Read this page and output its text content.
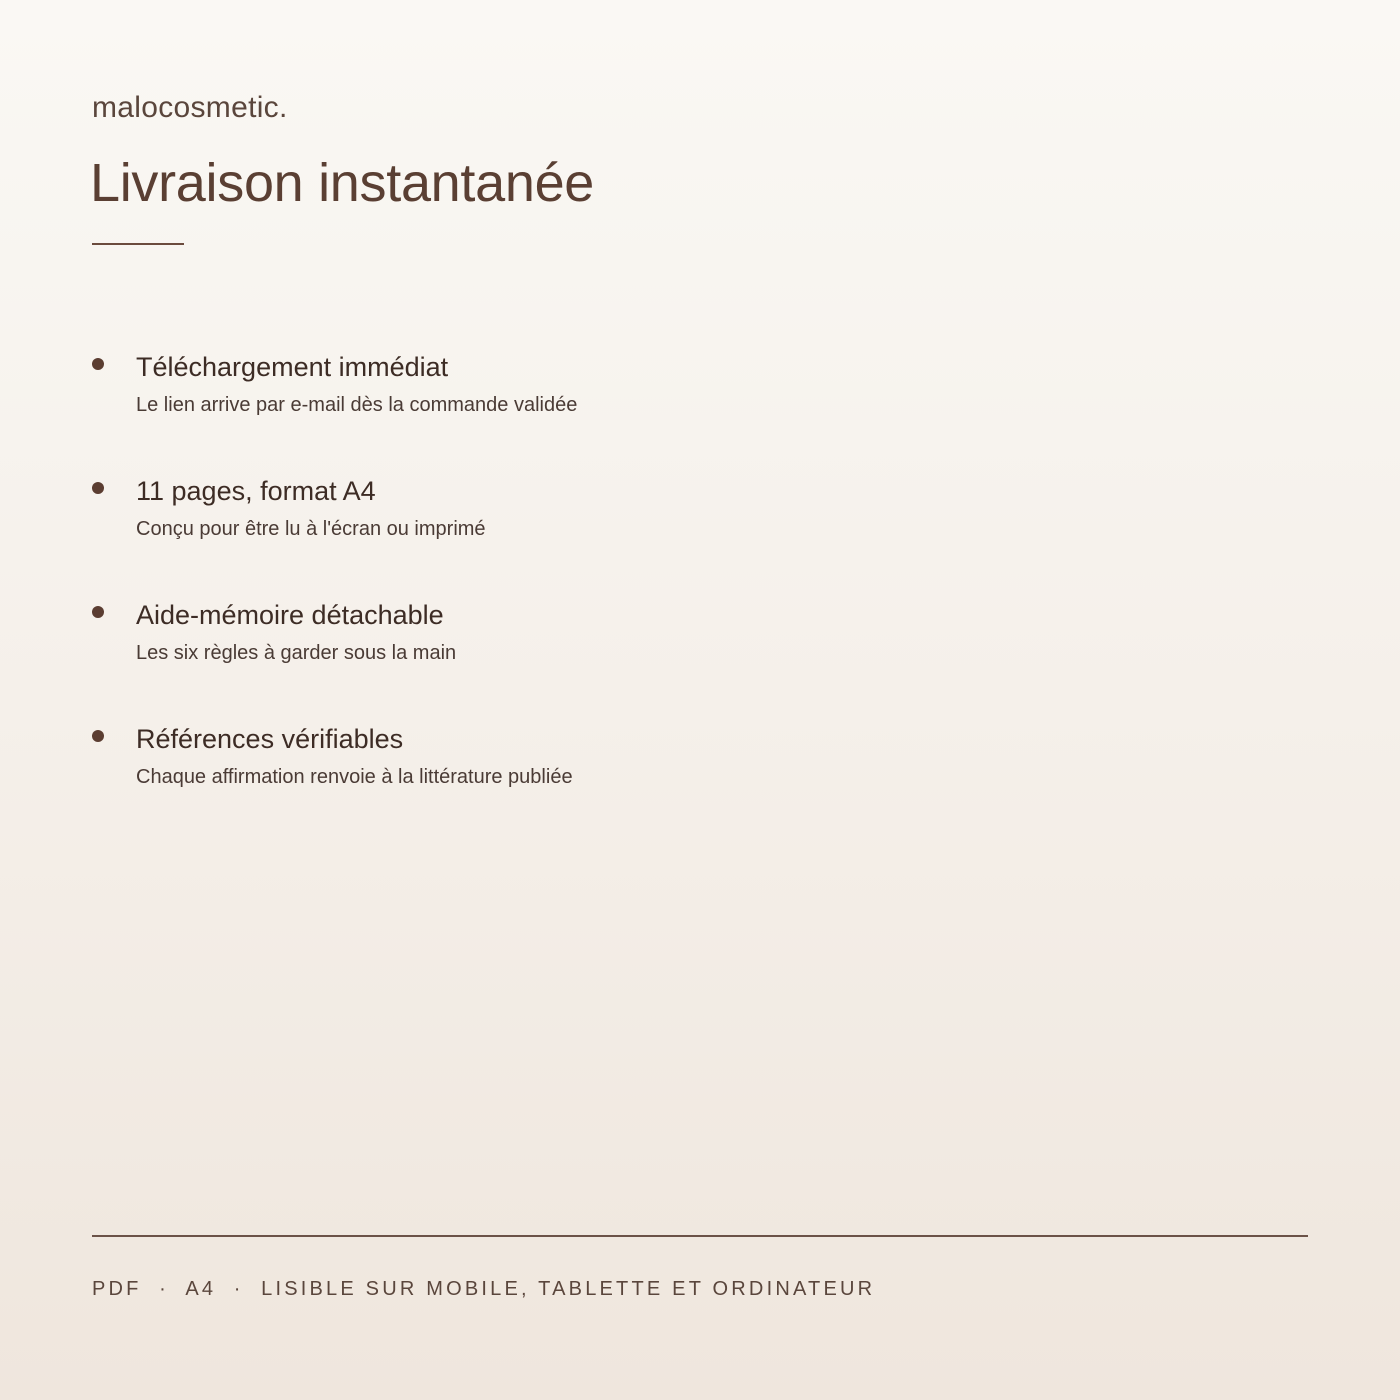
malocosmetic.
Livraison instantanée
Téléchargement immédiat
Le lien arrive par e-mail dès la commande validée
11 pages, format A4
Conçu pour être lu à l'écran ou imprimé
Aide-mémoire détachable
Les six règles à garder sous la main
Références vérifiables
Chaque affirmation renvoie à la littérature publiée
PDF  ·  A4  ·  LISIBLE SUR MOBILE, TABLETTE ET ORDINATEUR
